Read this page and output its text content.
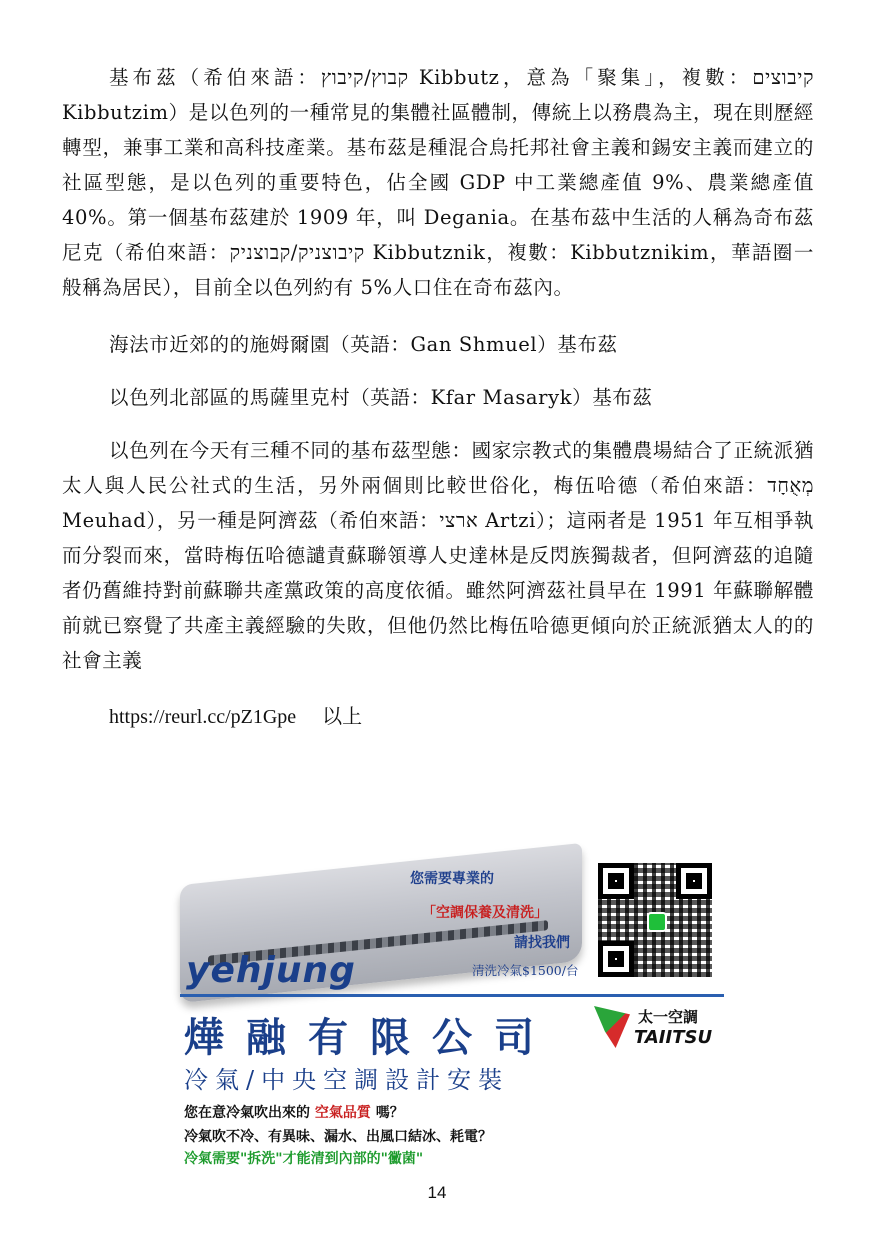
基布茲（希伯來語：קבוץ/קיבוץ Kibbutz，意為「聚集」，複數：קיבוצים Kibbutzim）是以色列的一種常見的集體社區體制，傳統上以務農為主，現在則歷經轉型，兼事工業和高科技產業。基布茲是種混合烏托邦社會主義和錫安主義而建立的社區型態，是以色列的重要特色，佔全國 GDP 中工業總產值 9%、農業總產值 40%。第一個基布茲建於 1909 年，叫 Degania。在基布茲中生活的人稱為奇布茲尼克（希伯來語：קיבוצניק/קבוצניק Kibbutznik，複數：Kibbutznikim，華語圈一般稱為居民），目前全以色列約有 5%人口住在奇布茲內。

海法市近郊的的施姆爾園（英語：Gan Shmuel）基布茲

以色列北部區的馬薩里克村（英語：Kfar Masaryk）基布茲

以色列在今天有三種不同的基布茲型態：國家宗教式的集體農場結合了正統派猶太人與人民公社式的生活，另外兩個則比較世俗化，梅伍哈德（希伯來語：מְאֻחָד Meuhad），另一種是阿濟茲（希伯來語：ארצי Artzi）；這兩者是 1951 年互相爭執而分裂而來，當時梅伍哈德譴責蘇聯領導人史達林是反閃族獨裁者，但阿濟茲的追隨者仍舊維持對前蘇聯共產黨政策的高度依循。雖然阿濟茲社員早在 1991 年蘇聯解體前就已察覺了共產主義經驗的失敗，但他仍然比梅伍哈德更傾向於正統派猶太人的的社會主義

https://reurl.cc/pZ1Gpe 以上
yehjung
您需要專業的
「空調保養及清洗」
請找我們
清洗冷氣$1500/台
燁融有限公司
冷氣/中央空調設計安裝
太一空調
TAIITSU
您在意冷氣吹出來的 空氣品質 嗎？
冷氣吹不冷、有異味、漏水、出風口結冰、耗電？
冷氣需要"拆洗"才能清到內部的"黴菌"
14
